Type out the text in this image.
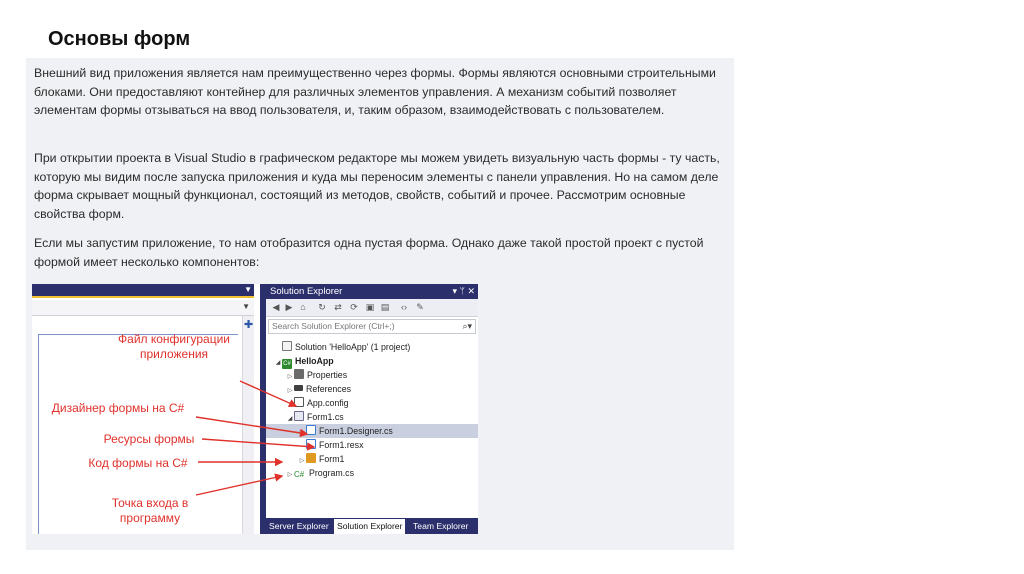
Основы форм

Внешний вид приложения является нам преимущественно через формы. Формы являются основными строительными блоками. Они предоставляют контейнер для различных элементов управления. А механизм событий позволяет элементам формы отзываться на ввод пользователя, и, таким образом, взаимодействовать с пользователем.

При открытии проекта в Visual Studio в графическом редакторе мы можем увидеть визуальную часть формы - ту часть, которую мы видим после запуска приложения и куда мы переносим элементы с панели управления. Но на самом деле форма скрывает мощный функционал, состоящий из методов, свойств, событий и прочее. Рассмотрим основные свойства форм.

Если мы запустим приложение, то нам отобразится одна пустая форма. Однако даже такой простой проект с пустой формой имеет несколько компонентов:

▼
▼
✚
Solution Explorer	▾ ᛘ ✕
◀ ▶ ⌂	↻ ⇄ ⟳ ▣ ▤	‹›	✎
Search Solution Explorer (Ctrl+;)	⌕▾
Solution 'HelloApp' (1 project)
◢ C# HelloApp
▷ Properties
▷ References
App.config
◢ Form1.cs
Form1.Designer.cs
Form1.resx
▷ Form1
▷ C# Program.cs
Server Explorer Solution Explorer	Team Explorer
Файл конфигурации приложения
Дизайнер формы на C#
Ресурсы формы
Код формы на C#
Точка входа в программу
